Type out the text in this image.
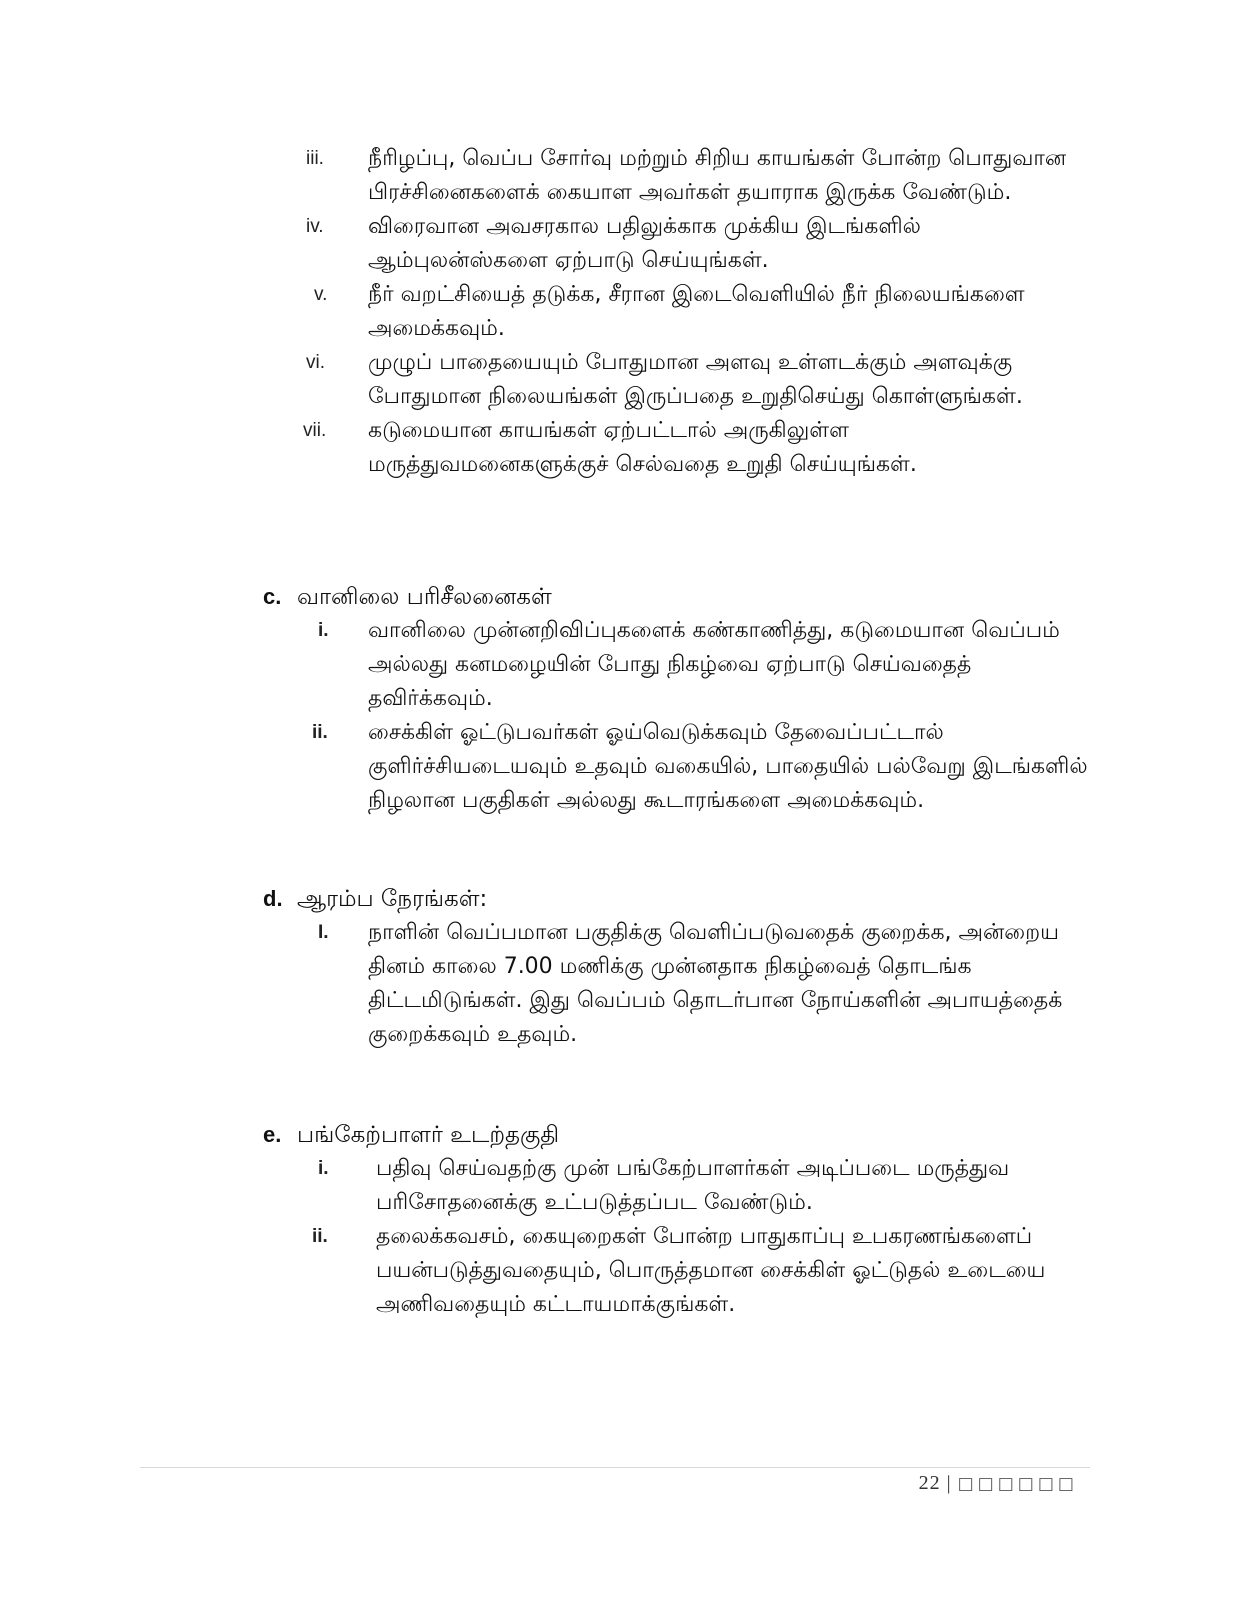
iii. நீரிழப்பு, வெப்ப சோர்வு மற்றும் சிறிய காயங்கள் போன்ற பொதுவான பிரச்சினைகளைக் கையாள அவர்கள் தயாராக இருக்க வேண்டும்.
iv. விரைவான அவசரகால பதிலுக்காக முக்கிய இடங்களில் ஆம்புலன்ஸ்களை ஏற்பாடு செய்யுங்கள்.
v. நீர் வறட்சியைத் தடுக்க, சீரான இடைவெளியில் நீர் நிலையங்களை அமைக்கவும்.
vi. முழுப் பாதையையும் போதுமான அளவு உள்ளடக்கும் அளவுக்கு போதுமான நிலையங்கள் இருப்பதை உறுதிசெய்து கொள்ளுங்கள்.
vii. கடுமையான காயங்கள் ஏற்பட்டால் அருகிலுள்ள மருத்துவமனைகளுக்குச் செல்வதை உறுதி செய்யுங்கள்.
c. வானிலை பரிசீலனைகள்
i. வானிலை முன்னறிவிப்புகளைக் கண்காணித்து, கடுமையான வெப்பம் அல்லது கனமழையின் போது நிகழ்வை ஏற்பாடு செய்வதைத் தவிர்க்கவும்.
ii. சைக்கிள் ஓட்டுபவர்கள் ஓய்வெடுக்கவும் தேவைப்பட்டால் குளிர்ச்சியடையவும் உதவும் வகையில், பாதையில் பல்வேறு இடங்களில் நிழலான பகுதிகள் அல்லது கூடாரங்களை அமைக்கவும்.
d. ஆரம்ப நேரங்கள்:
I. நாளின் வெப்பமான பகுதிக்கு வெளிப்படுவதைக் குறைக்க, அன்றைய தினம் காலை 7.00 மணிக்கு முன்னதாக நிகழ்வைத் தொடங்க திட்டமிடுங்கள். இது வெப்பம் தொடர்பான நோய்களின் அபாயத்தைக் குறைக்கவும் உதவும்.
e. பங்கேற்பாளர் உடற்தகுதி
i. பதிவு செய்வதற்கு முன் பங்கேற்பாளர்கள் அடிப்படை மருத்துவ பரிசோதனைக்கு உட்படுத்தப்பட வேண்டும்.
ii. தலைக்கவசம், கையுறைகள் போன்ற பாதுகாப்பு உபகரணங்களைப் பயன்படுத்துவதையும், பொருத்தமான சைக்கிள் ஓட்டுதல் உடையை அணிவதையும் கட்டாயமாக்குங்கள்.
22 | □□□□□□
